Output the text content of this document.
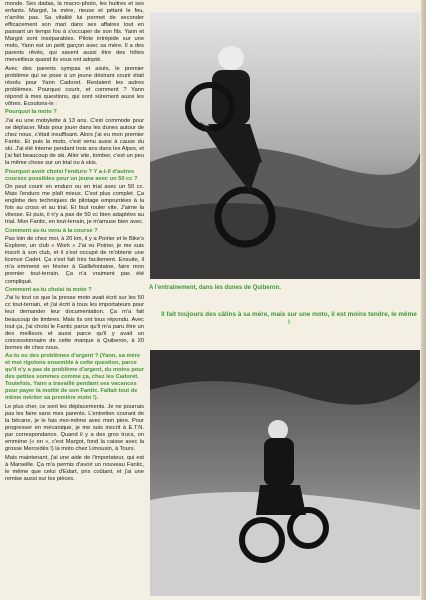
monde. Ses dadas, la macro-photo, les huitres et ses enfants. Margot, la mère, rieuse et pétant le feu, n'arrête pas. Sa vitalité lui permet de seconder efficacement son mari dans ses affaires tout en passant un temps fou à s'occuper de son fils. Yann et Margot sont inséparables. Pilote intrépide sur une moto, Yann est un petit garçon avec sa mère. Il a des parents rêvés, qui savent aussi être des hôtes merveilleux quand ils vous ont adopté.

Avec des parents sympas et aisés, le premier problème qui se pose à un jeune désirant courir était résolu pour Yann Cadoret. Restaient les autres problèmes. Pourquoi courir, et comment ? Yann répond à mes questions, qui sont sûrement aussi les vôtres. Ecoutons-le :

Pourquoi la moto ?

J'ai eu une mobylette à 13 ans. C'est commode pour se déplacer. Mais pour jouer dans les dunes autour de chez nous, c'était insuffisant. Alors j'ai eu mon premier Fantic. Et puis la moto, c'est venu aussi à cause du ski. J'ai été interne pendant trois ans dans les Alpes, et j'ai fait beaucoup de ski. Aller vite, tomber, c'est un peu la même chose sur un trial ou à skis.

Pourquoi avoir choisi l'enduro ? Y a-t-il d'autres courses possibles pour un jeune avec un 50 cc ?

On peut courir en enduro ou en trial avec un 50 cc. Mais l'enduro me plaît mieux. C'est plus complet. Ça englobe des techniques de pilotage empruntées à la fois au cross et au trial. Et faut rouler vite. J'aime la vitesse. Et puis, il n'y a pas de 50 cc bien adaptées au trial. Mon Fantic, en tout-terrain, je m'amuse bien avec.

Comment as-tu venu à la course ?

Pas loin de chez moi, à 20 km, il y a Poirier et le Bike's Explorer, un club « Work » J'ai vu Poirier, je me suis inscrit à son club, et il s'est occupé de m'obtenir une licence Cadet. Ça s'est fait très facilement. Ensuite, il m'a emmené en février à Gaillefontaine, faire mon premier tout-terrain. Ça n'a vraiment pas été compliqué.

Comment as-tu choisi ta moto ?

J'ai lu tout ce que la presse moto avait écrit sur les 50 cc tout-terrain, et j'ai écrit à tous les importateurs pour leur demander leur documentation. Ça m'a fait beaucoup de timbres. Mais ils ont tous répondu. Avec tout ça, j'ai choisi le Fantic parce qu'il m'a paru être un des meilleurs et aussi parce qu'il y avait un concessionnaire de cette marque à Quiberon, à 20 bornes de chez nous.

As-tu eu des problèmes d'argent ? (Yann, sa mère et moi rigolons ensemble à cette question, parce qu'il n'y a pas de problème d'argent, du moins pour des petites sommes comme ça, chez les Cadoret. Toutefois, Yann a travaillé pendant ses vacances pour payer la moitié de son Fantic. Fallait tout de même mériter sa première moto !).

Le plus cher, ce sont les déplacements. Je ne pourrais pas les faire sans mes parents. L'entretien courant de la bécane, je le fais moi-même avec mon père. Pour progresser en mécanique, je me suis inscrit à E.T.N. par correspondance. Quand il y a des gros trucs, on emmène (« on », c'est Margot, fond la caisse avec la grosse Mercedès !) la moto chez Limousin, à Tours.

Mais maintenant, j'ai une aide de l'importateur, qui est à Marseille. Ça m'a permis d'avoir un nouveau Fantic, le même que celui d'Edart, prix coûtant, et j'ai une remise aussi sur les pièces.

A l'entraînement, dans les dunes de Quiberon.
Il fait toujours des câlins à sa mère, mais sur une moto, il est moins tendre, le même !
